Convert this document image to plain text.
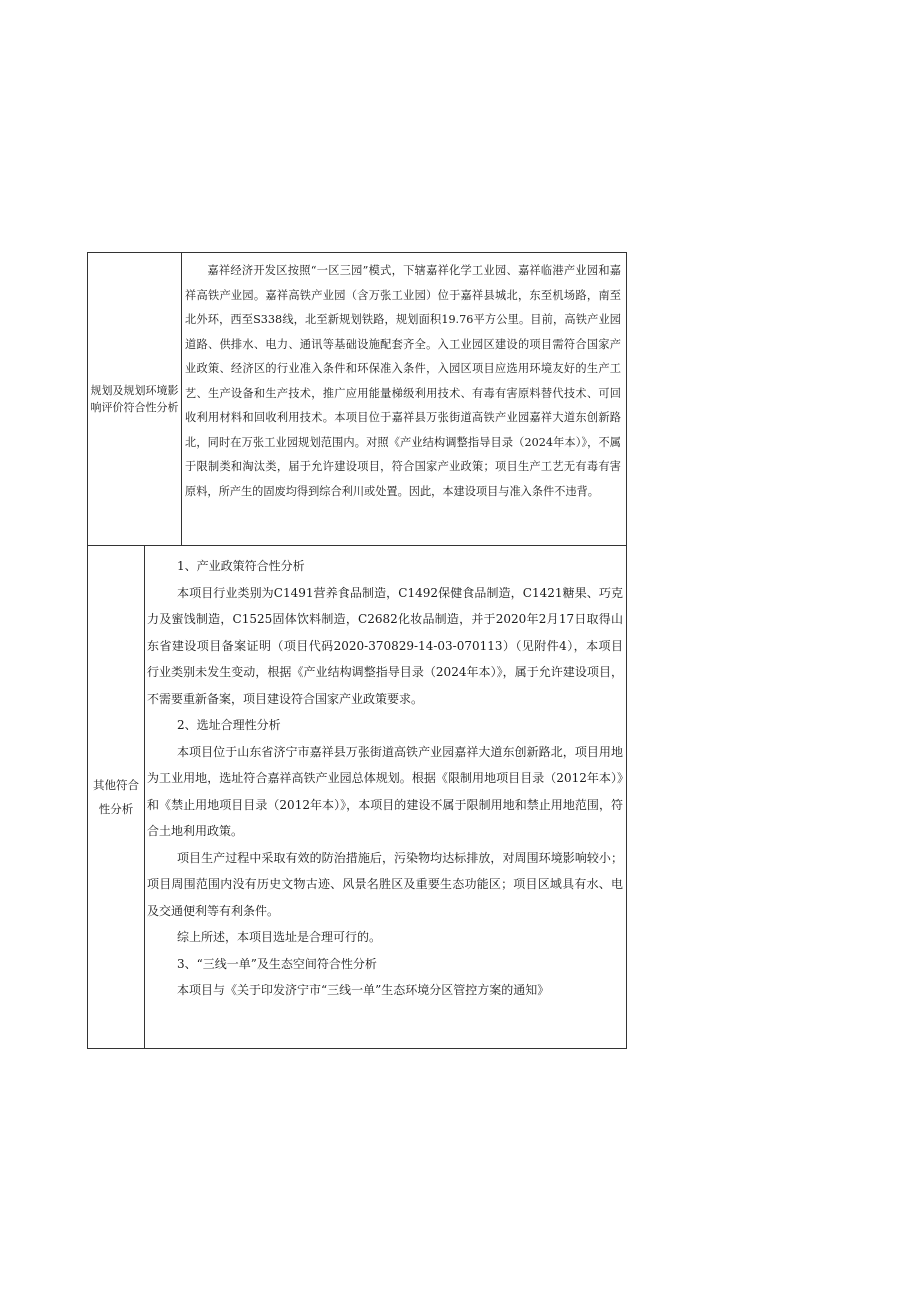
规划及规划环境影响评价符合性分析

嘉祥经济开发区按照“一区三园”模式，下辖嘉祥化学工业园、嘉祥临港产业园和嘉祥高铁产业园。嘉祥高铁产业园（含万张工业园）位于嘉祥县城北，东至机场路，南至北外环，西至S338线，北至新规划铁路，规划面积19.76平方公里。目前，高铁产业园道路、供排水、电力、通讯等基础设施配套齐全。入工业园区建设的项目需符合国家产业政策、经济区的行业准入条件和环保准入条件，入园区项目应选用环境友好的生产工艺、生产设备和生产技术，推广应用能量梯级利用技术、有毒有害原料替代技术、可回收利用材料和回收利用技术。本项目位于嘉祥县万张街道高铁产业园嘉祥大道东创新路北，同时在万张工业园规划范围内。对照《产业结构调整指导目录（2024年本）》，不属于限制类和淘汰类，届于允许建设项目，符合国家产业政策；项目生产工艺无有毒有害原料，所产生的固废均得到综合利川或处置。因此，本建设项目与准入条件不违背。

其他符合性分析

1、产业政策符合性分析

本项目行业类别为C1491营养食品制造，C1492保健食品制造，C1421糖果、巧克力及蜜饯制造，C1525固体饮料制造，C2682化妆品制造，并于2020年2月17日取得山东省建设项目备案证明（项目代码2020-370829-14-03-070113）（见附件4），本项目行业类别未发生变动，根据《产业结构调整指导目录（2024年本）》，属于允许建设项目，不需要重新备案，项目建设符合国家产业政策要求。

2、选址合理性分析

本项目位于山东省济宁市嘉祥县万张街道高铁产业园嘉祥大道东创新路北，项目用地为工业用地，选址符合嘉祥高铁产业园总体规划。根据《限制用地项目目录（2012年本）》和《禁止用地项目目录（2012年本）》，本项目的建设不属于限制用地和禁止用地范围，符合土地利用政策。

项目生产过程中采取有效的防治措施后，污染物均达标排放，对周围环境影响较小；项目周围范围内没有历史文物古迹、风景名胜区及重要生态功能区；项目区域具有水、电及交通便利等有利条件。

综上所述，本项目选址是合理可行的。

3、“三线一单”及生态空间符合性分析

本项目与《关于印发济宁市“三线一单”生态环境分区管控方案的通知》
